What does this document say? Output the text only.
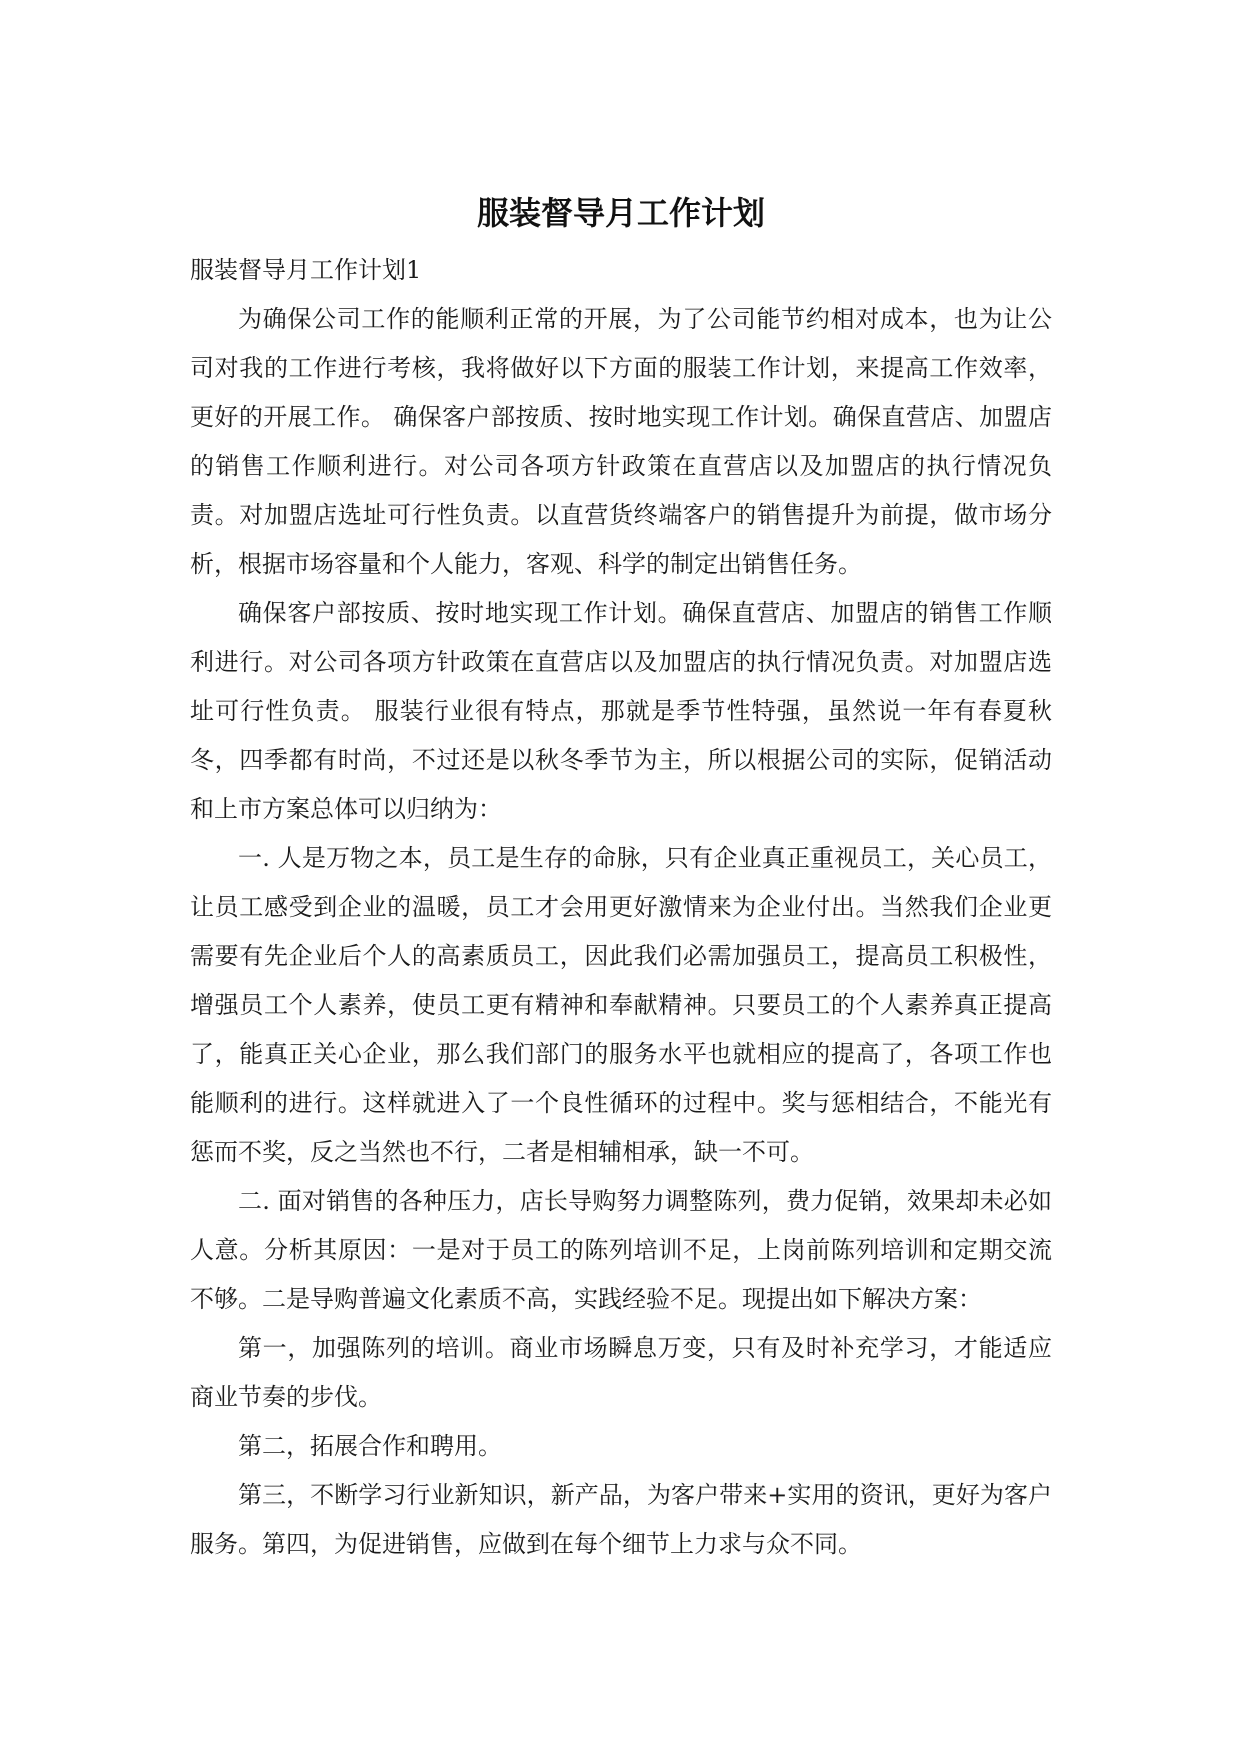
服装督导月工作计划

服装督导月工作计划1

为确保公司工作的能顺利正常的开展，为了公司能节约相对成本，也为让公司对我的工作进行考核，我将做好以下方面的服装工作计划，来提高工作效率，更好的开展工作。 确保客户部按质、按时地实现工作计划。确保直营店、加盟店的销售工作顺利进行。对公司各项方针政策在直营店以及加盟店的执行情况负责。对加盟店选址可行性负责。以直营货终端客户的销售提升为前提，做市场分析，根据市场容量和个人能力，客观、科学的制定出销售任务。

确保客户部按质、按时地实现工作计划。确保直营店、加盟店的销售工作顺利进行。对公司各项方针政策在直营店以及加盟店的执行情况负责。对加盟店选址可行性负责。 服装行业很有特点，那就是季节性特强，虽然说一年有春夏秋冬，四季都有时尚，不过还是以秋冬季节为主，所以根据公司的实际，促销活动和上市方案总体可以归纳为：

一. 人是万物之本，员工是生存的命脉，只有企业真正重视员工，关心员工，让员工感受到企业的温暖，员工才会用更好激情来为企业付出。当然我们企业更需要有先企业后个人的高素质员工，因此我们必需加强员工，提高员工积极性，增强员工个人素养，使员工更有精神和奉献精神。只要员工的个人素养真正提高了，能真正关心企业，那么我们部门的服务水平也就相应的提高了，各项工作也能顺利的进行。这样就进入了一个良性循环的过程中。奖与惩相结合，不能光有惩而不奖，反之当然也不行，二者是相辅相承，缺一不可。

二. 面对销售的各种压力，店长导购努力调整陈列，费力促销，效果却未必如人意。分析其原因：一是对于员工的陈列培训不足，上岗前陈列培训和定期交流不够。二是导购普遍文化素质不高，实践经验不足。现提出如下解决方案：

第一，加强陈列的培训。商业市场瞬息万变，只有及时补充学习，才能适应商业节奏的步伐。

第二，拓展合作和聘用。

第三，不断学习行业新知识，新产品，为客户带来+实用的资讯，更好为客户服务。第四，为促进销售，应做到在每个细节上力求与众不同。
